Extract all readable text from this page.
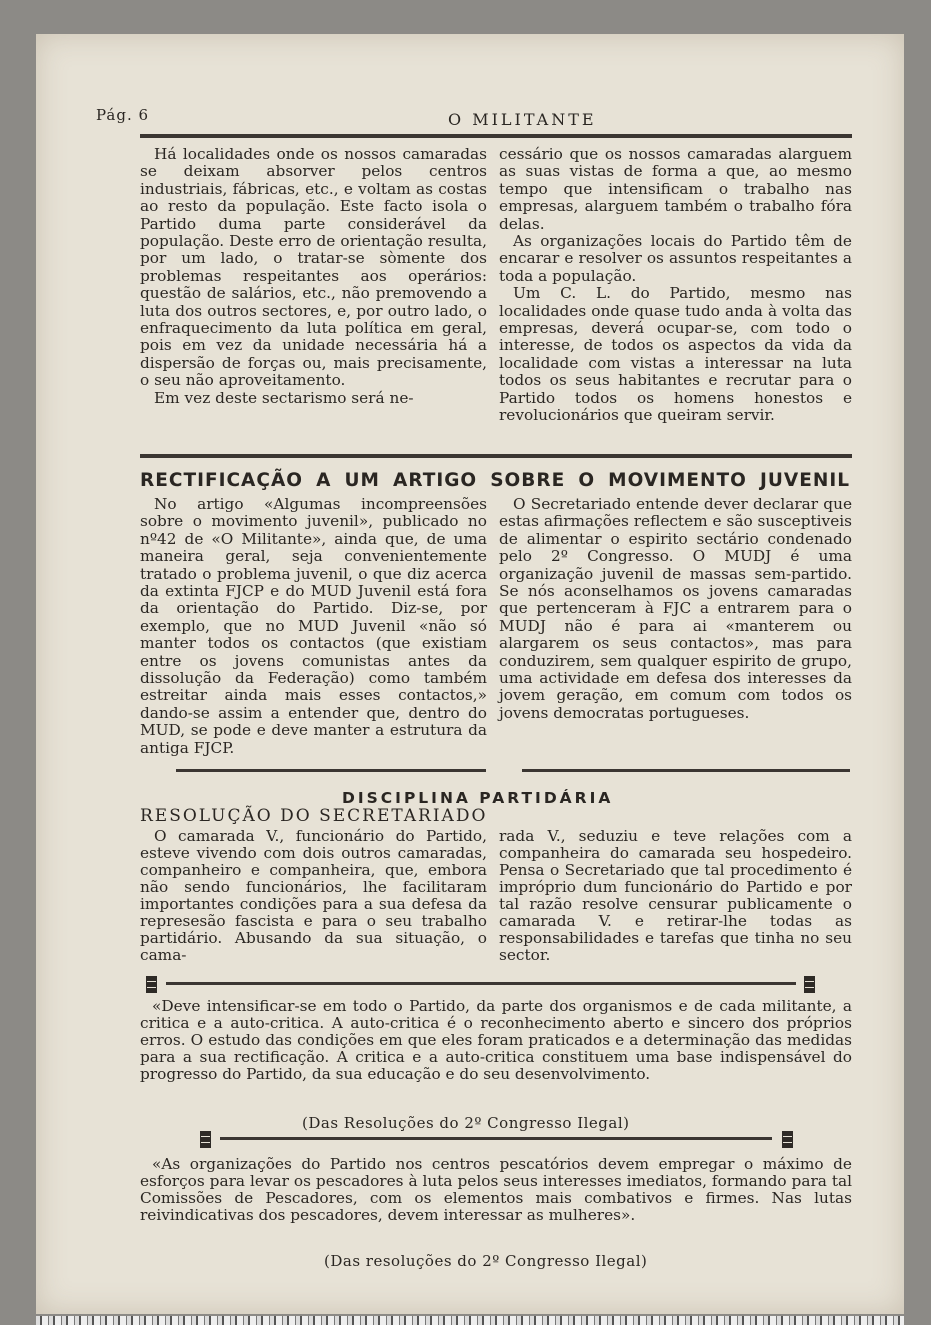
Pág. 6	O MILITANTE

Há localidades onde os nossos camaradas se deixam absorver pelos centros industriais, fábricas, etc., e voltam as costas ao resto da população. Este facto isola o Partido duma parte considerável da população. Deste erro de orientação resulta, por um lado, o tratar-se sòmente dos problemas respeitantes aos operários: questão de salários, etc., não premovendo a luta dos outros sectores, e, por outro lado, o enfraquecimento da luta política em geral, pois em vez da unidade necessária há a dispersão de forças ou, mais precisamente, o seu não aproveitamento.

Em vez deste sectarismo será ne-

cessário que os nossos camaradas alarguem as suas vistas de forma a que, ao mesmo tempo que intensificam o trabalho nas empresas, alarguem também o trabalho fóra delas.

As organizações locais do Partido têm de encarar e resolver os assuntos respeitantes a toda a população.

Um C. L. do Partido, mesmo nas localidades onde quase tudo anda à volta das empresas, deverá ocupar-se, com todo o interesse, de todos os aspectos da vida da localidade com vistas a interessar na luta todos os seus habitantes e recrutar para o Partido todos os homens honestos e revolucionários que queiram servir.

RECTIFICAÇÃO A UM ARTIGO SOBRE O MOVIMENTO JUVENIL

No artigo «Algumas incompreensões sobre o movimento juvenil», publicado no nº42 de «O Militante», ainda que, de uma maneira geral, seja convenientemente tratado o problema juvenil, o que diz acerca da extinta FJCP e do MUD Juvenil está fora da orientação do Partido. Diz-se, por exemplo, que no MUD Juvenil «não só manter todos os contactos (que existiam entre os jovens comunistas antes da dissolução da Federação) como também estreitar ainda mais esses contactos,» dando-se assim a entender que, dentro do MUD, se pode e deve manter a estrutura da antiga FJCP.

O Secretariado entende dever declarar que estas afirmações reflectem e são susceptiveis de alimentar o espirito sectário condenado pelo 2º Congresso. O MUDJ é uma organização juvenil de massas sem-partido. Se nós aconselhamos os jovens camaradas que pertenceram à FJC a entrarem para o MUDJ não é para ai «manterem ou alargarem os seus contactos», mas para conduzirem, sem qualquer espirito de grupo, uma actividade em defesa dos interesses da jovem geração, em comum com todos os jovens democratas portugueses.

DISCIPLINA PARTIDÁRIA
RESOLUÇÃO DO SECRETARIADO

O camarada V., funcionário do Partido, esteve vivendo com dois outros camaradas, companheiro e companheira, que, embora não sendo funcionários, lhe facilitaram importantes condições para a sua defesa da represesão fascista e para o seu trabalho partidário. Abusando da sua situação, o cama-

rada V., seduziu e teve relações com a companheira do camarada seu hospedeiro. Pensa o Secretariado que tal procedimento é impróprio dum funcionário do Partido e por tal razão resolve censurar publicamente o camarada V. e retirar-lhe todas as responsabilidades e tarefas que tinha no seu sector.

«Deve intensificar-se em todo o Partido, da parte dos organismos e de cada militante, a critica e a auto-critica. A auto-critica é o reconhecimento aberto e sincero dos próprios erros. O estudo das condições em que eles foram praticados e a determinação das medidas para a sua rectificação. A critica e a auto-critica constituem uma base indispensável do progresso do Partido, da sua educação e do seu desenvolvimento.

(Das Resoluções do 2º Congresso Ilegal)

«As organizações do Partido nos centros pescatórios devem empregar o máximo de esforços para levar os pescadores à luta pelos seus interesses imediatos, formando para tal Comissões de Pescadores, com os elementos mais combativos e firmes. Nas lutas reivindicativas dos pescadores, devem interessar as mulheres».

(Das resoluções do 2º Congresso Ilegal)
